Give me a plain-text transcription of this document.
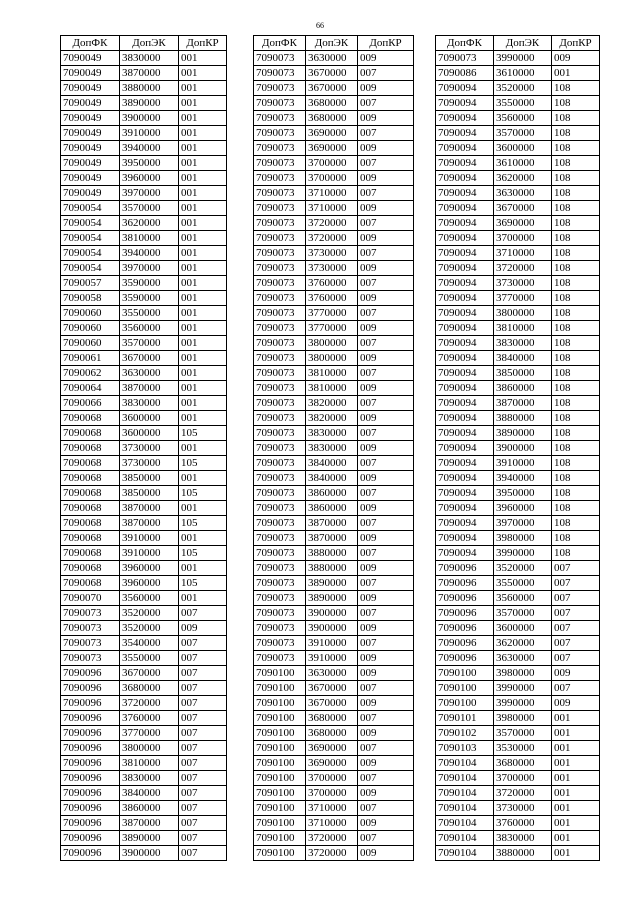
66
ДопФК	ДопЭК	ДопКР
7090049	3830000	001
7090049	3870000	001
7090049	3880000	001
7090049	3890000	001
7090049	3900000	001
7090049	3910000	001
7090049	3940000	001
7090049	3950000	001
7090049	3960000	001
7090049	3970000	001
7090054	3570000	001
7090054	3620000	001
7090054	3810000	001
7090054	3940000	001
7090054	3970000	001
7090057	3590000	001
7090058	3590000	001
7090060	3550000	001
7090060	3560000	001
7090060	3570000	001
7090061	3670000	001
7090062	3630000	001
7090064	3870000	001
7090066	3830000	001
7090068	3600000	001
7090068	3600000	105
7090068	3730000	001
7090068	3730000	105
7090068	3850000	001
7090068	3850000	105
7090068	3870000	001
7090068	3870000	105
7090068	3910000	001
7090068	3910000	105
7090068	3960000	001
7090068	3960000	105
7090070	3560000	001
7090073	3520000	007
7090073	3520000	009
7090073	3540000	007
7090073	3550000	007
7090096	3670000	007
7090096	3680000	007
7090096	3720000	007
7090096	3760000	007
7090096	3770000	007
7090096	3800000	007
7090096	3810000	007
7090096	3830000	007
7090096	3840000	007
7090096	3860000	007
7090096	3870000	007
7090096	3890000	007
7090096	3900000	007
ДопФК	ДопЭК	ДопКР
7090073	3630000	009
7090073	3670000	007
7090073	3670000	009
7090073	3680000	007
7090073	3680000	009
7090073	3690000	007
7090073	3690000	009
7090073	3700000	007
7090073	3700000	009
7090073	3710000	007
7090073	3710000	009
7090073	3720000	007
7090073	3720000	009
7090073	3730000	007
7090073	3730000	009
7090073	3760000	007
7090073	3760000	009
7090073	3770000	007
7090073	3770000	009
7090073	3800000	007
7090073	3800000	009
7090073	3810000	007
7090073	3810000	009
7090073	3820000	007
7090073	3820000	009
7090073	3830000	007
7090073	3830000	009
7090073	3840000	007
7090073	3840000	009
7090073	3860000	007
7090073	3860000	009
7090073	3870000	007
7090073	3870000	009
7090073	3880000	007
7090073	3880000	009
7090073	3890000	007
7090073	3890000	009
7090073	3900000	007
7090073	3900000	009
7090073	3910000	007
7090073	3910000	009
7090100	3630000	009
7090100	3670000	007
7090100	3670000	009
7090100	3680000	007
7090100	3680000	009
7090100	3690000	007
7090100	3690000	009
7090100	3700000	007
7090100	3700000	009
7090100	3710000	007
7090100	3710000	009
7090100	3720000	007
7090100	3720000	009
ДопФК	ДопЭК	ДопКР
7090073	3990000	009
7090086	3610000	001
7090094	3520000	108
7090094	3550000	108
7090094	3560000	108
7090094	3570000	108
7090094	3600000	108
7090094	3610000	108
7090094	3620000	108
7090094	3630000	108
7090094	3670000	108
7090094	3690000	108
7090094	3700000	108
7090094	3710000	108
7090094	3720000	108
7090094	3730000	108
7090094	3770000	108
7090094	3800000	108
7090094	3810000	108
7090094	3830000	108
7090094	3840000	108
7090094	3850000	108
7090094	3860000	108
7090094	3870000	108
7090094	3880000	108
7090094	3890000	108
7090094	3900000	108
7090094	3910000	108
7090094	3940000	108
7090094	3950000	108
7090094	3960000	108
7090094	3970000	108
7090094	3980000	108
7090094	3990000	108
7090096	3520000	007
7090096	3550000	007
7090096	3560000	007
7090096	3570000	007
7090096	3600000	007
7090096	3620000	007
7090096	3630000	007
7090100	3980000	009
7090100	3990000	007
7090100	3990000	009
7090101	3980000	001
7090102	3570000	001
7090103	3530000	001
7090104	3680000	001
7090104	3700000	001
7090104	3720000	001
7090104	3730000	001
7090104	3760000	001
7090104	3830000	001
7090104	3880000	001
